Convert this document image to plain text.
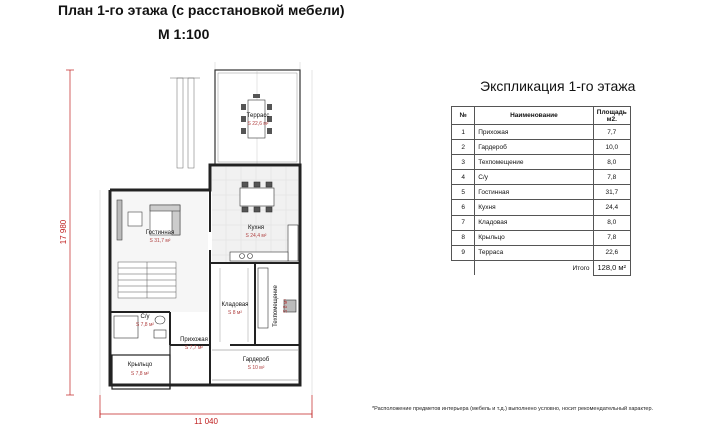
План 1-го этажа (с расстановкой мебели)
М 1:100
17 980
11 040
Террасс
S 22,6 м²
Гостинная
S 31,7 м²
Кухня
S 24,4 м²
Кладовая
S 8 м²	Техпомещение S 8 м²
С/у
S 7,8 м²
Прихожая
S 7,7 м²
Крыльцо
S 7,8 м²
Гардероб
S 10 м²
Экспликация 1-го этажа
№	Наименование	Площадь м2.
1	Прихожая	7,7
2	Гардероб	10,0
3	Техпомещение	8,0
4	С/у	7,8
5	Гостинная	31,7
6	Кухня	24,4
7	Кладовая	8,0
8	Крыльцо	7,8
9	Терраса	22,6
	Итого	128,0 м²
*Расположение предметов интерьера (мебель и т.д.) выполнено условно, носит рекомендательный характер.
